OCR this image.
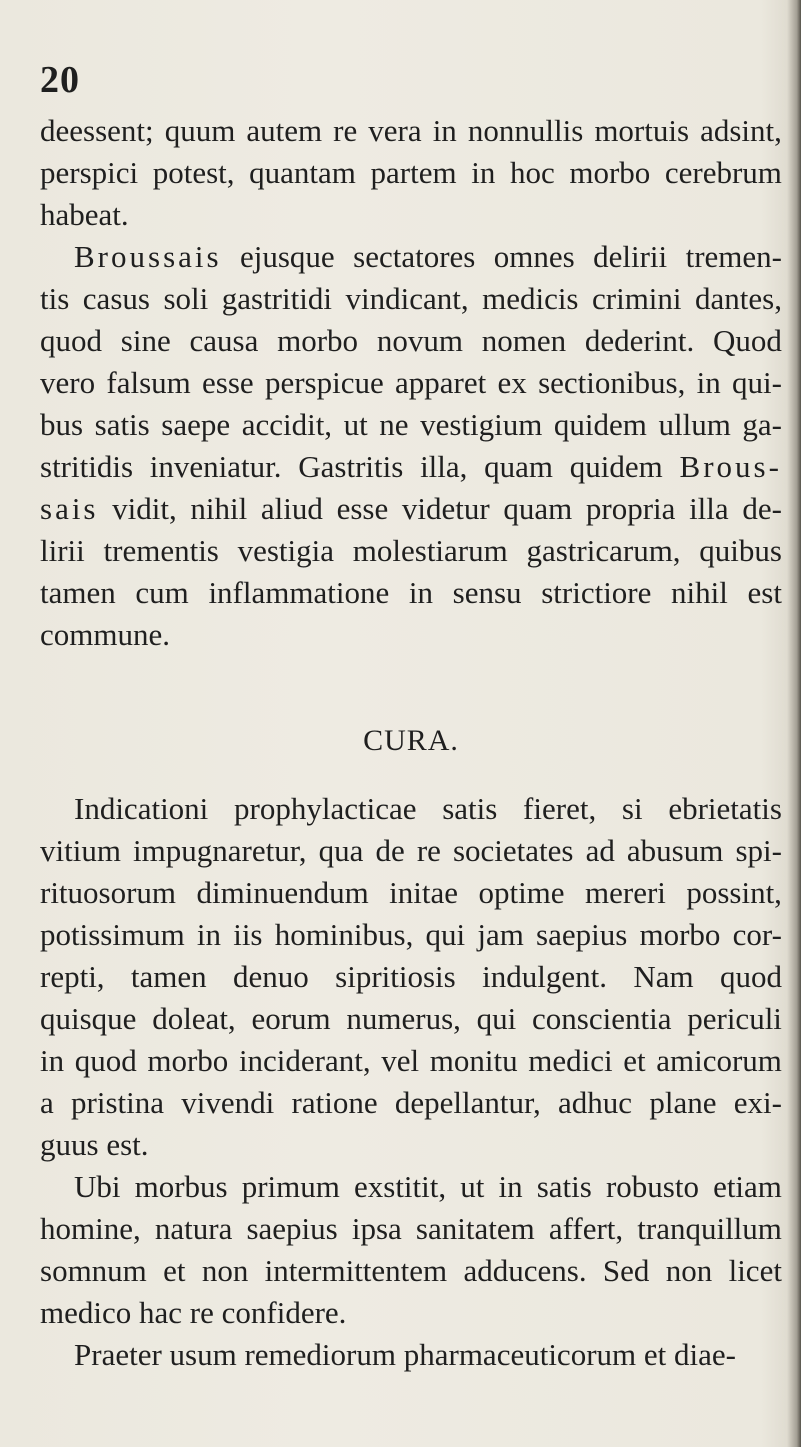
20
deessent; quum autem re vera in nonnullis mortuis adsint,
perspici potest, quantam partem in hoc morbo cerebrum
habeat.
Broussais ejusque sectatores omnes delirii tremen-
tis casus soli gastritidi vindicant, medicis crimini dantes,
quod sine causa morbo novum nomen dederint. Quod
vero falsum esse perspicue apparet ex sectionibus, in qui-
bus satis saepe accidit, ut ne vestigium quidem ullum ga-
stritidis inveniatur. Gastritis illa, quam quidem Brous-
sais vidit, nihil aliud esse videtur quam propria illa de-
lirii trementis vestigia molestiarum gastricarum, quibus
tamen cum inflammatione in sensu strictiore nihil est
commune.
CURA.
Indicationi prophylacticae satis fieret, si ebrietatis
vitium impugnaretur, qua de re societates ad abusum spi-
rituosorum diminuendum initae optime mereri possint,
potissimum in iis hominibus, qui jam saepius morbo cor-
repti, tamen denuo sipritiosis indulgent. Nam quod
quisque doleat, eorum numerus, qui conscientia periculi
in quod morbo inciderant, vel monitu medici et amicorum
a pristina vivendi ratione depellantur, adhuc plane exi-
guus
est.
Ubi morbus primum exstitit, ut in satis robusto etiam
homine, natura saepius ipsa sanitatem affert, tranquillum
somnum et non intermittentem adducens. Sed non licet
medico
hac
re
confidere.
Praeter
usum
remediorum
pharmaceuticorum
et
diae-
